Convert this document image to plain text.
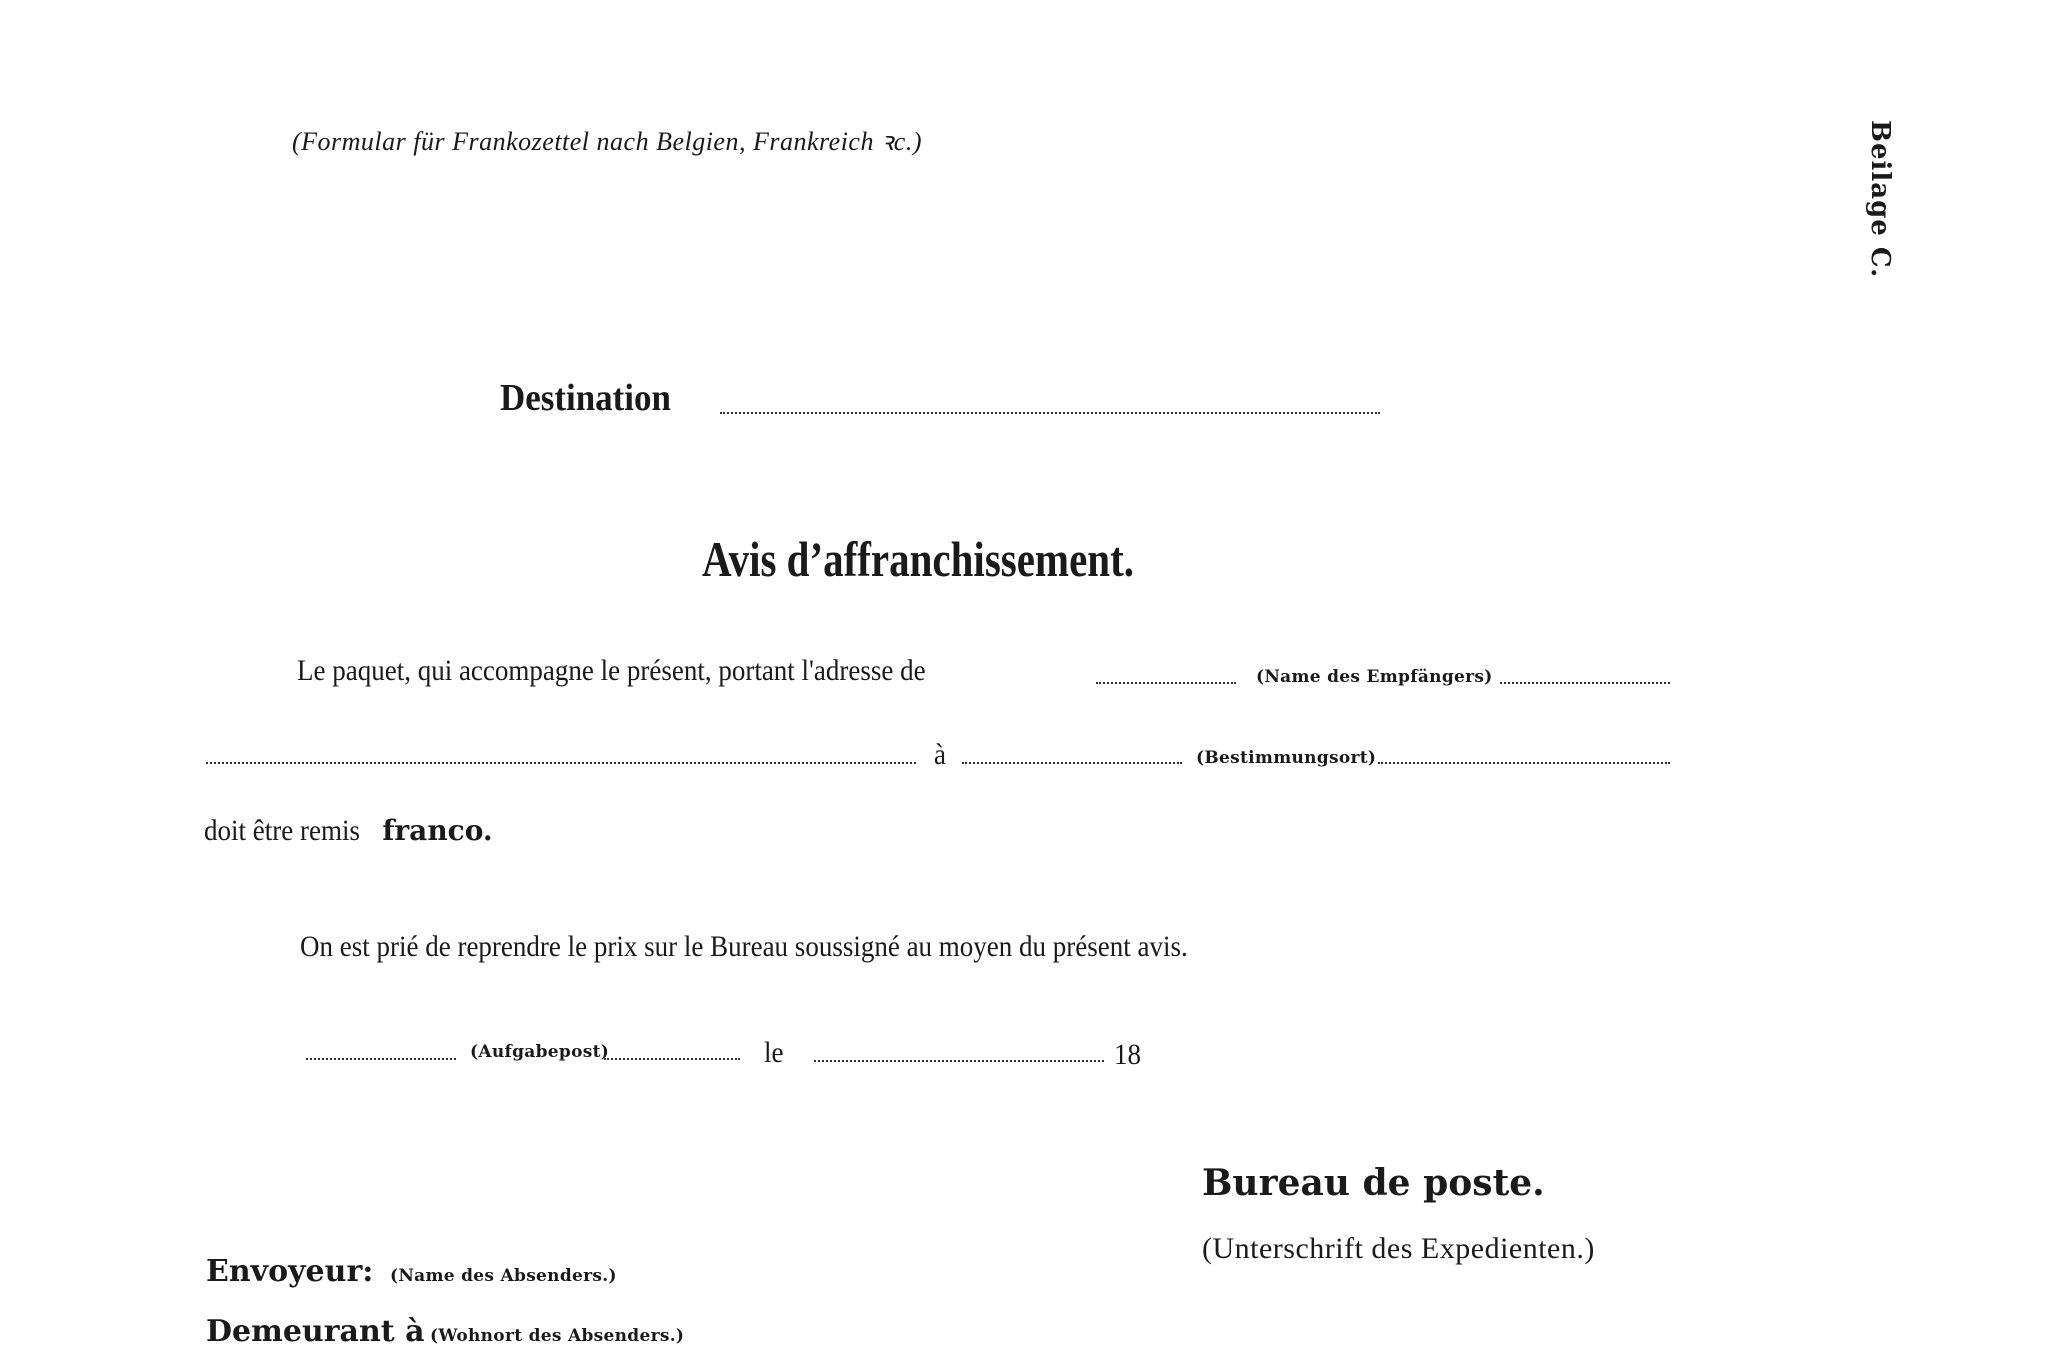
(Formular für Frankozettel nach Belgien, Frankreich ꝛc.)	Beilage C.
Destination
Avis d’affranchissement.
Le paquet, qui accompagne le présent, portant l'adresse de	(Name des Empfängers)
à	(Bestimmungsort)
doit être remis franco.
On est prié de reprendre le prix sur le Bureau soussigné au moyen du présent avis.
(Aufgabepost)	le	18
Bureau de poste.
(Unterschrift des Expedienten.)
Envoyeur: (Name des Absenders.)
Demeurant à (Wohnort des Absenders.)
